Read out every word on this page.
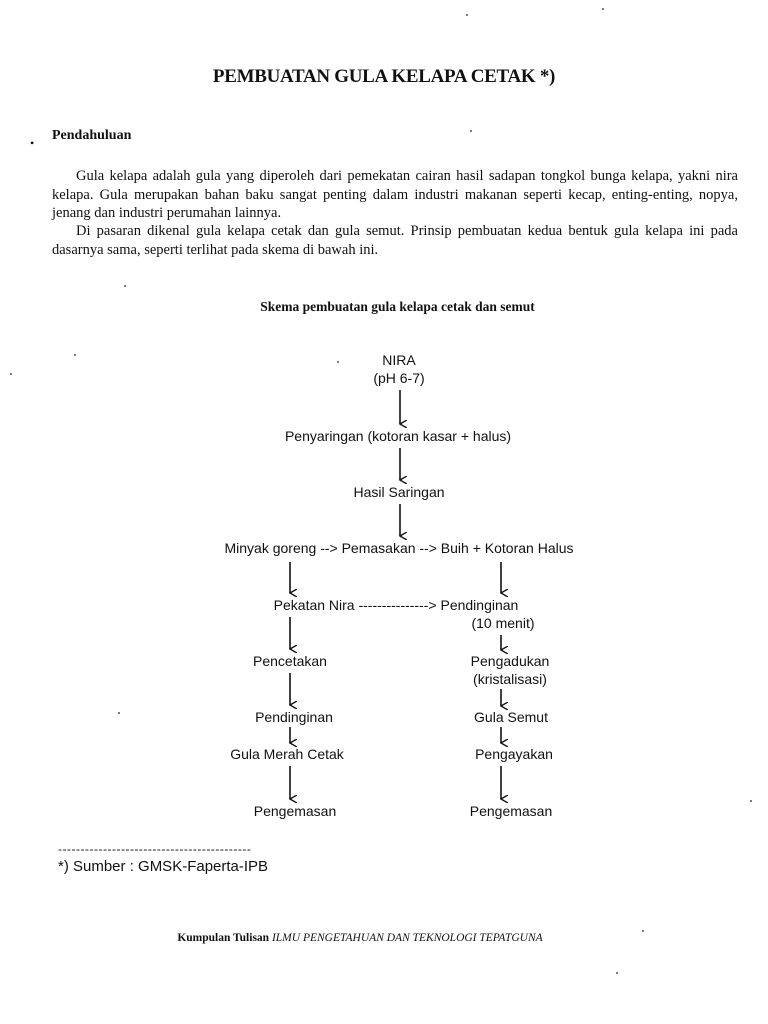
PEMBUATAN GULA KELAPA CETAK *)
• Pendahuluan
Gula kelapa adalah gula yang diperoleh dari pemekatan cairan hasil sadapan tongkol bunga kelapa, yakni nira kelapa. Gula merupakan bahan baku sangat penting dalam industri makanan seperti kecap, enting-enting, nopya, jenang dan industri perumahan lainnya.
Di pasaran dikenal gula kelapa cetak dan gula semut. Prinsip pembuatan kedua bentuk gula kelapa ini pada dasarnya sama, seperti terlihat pada skema di bawah ini.
Skema pembuatan gula kelapa cetak dan semut
NIRA
(pH 6-7)
Penyaringan (kotoran kasar + halus)
Hasil Saringan
Minyak goreng --> Pemasakan --> Buih + Kotoran Halus
Pekatan Nira ---------------> Pendinginan
(10 menit)
Pencetakan
Pendinginan
Gula Merah Cetak
Pengemasan
Pengadukan
(kristalisasi)
Gula Semut
Pengayakan
Pengemasan
-------------------------------------------
*) Sumber : GMSK-Faperta-IPB
Kumpulan Tulisan ILMU PENGETAHUAN DAN TEKNOLOGI TEPATGUNA
